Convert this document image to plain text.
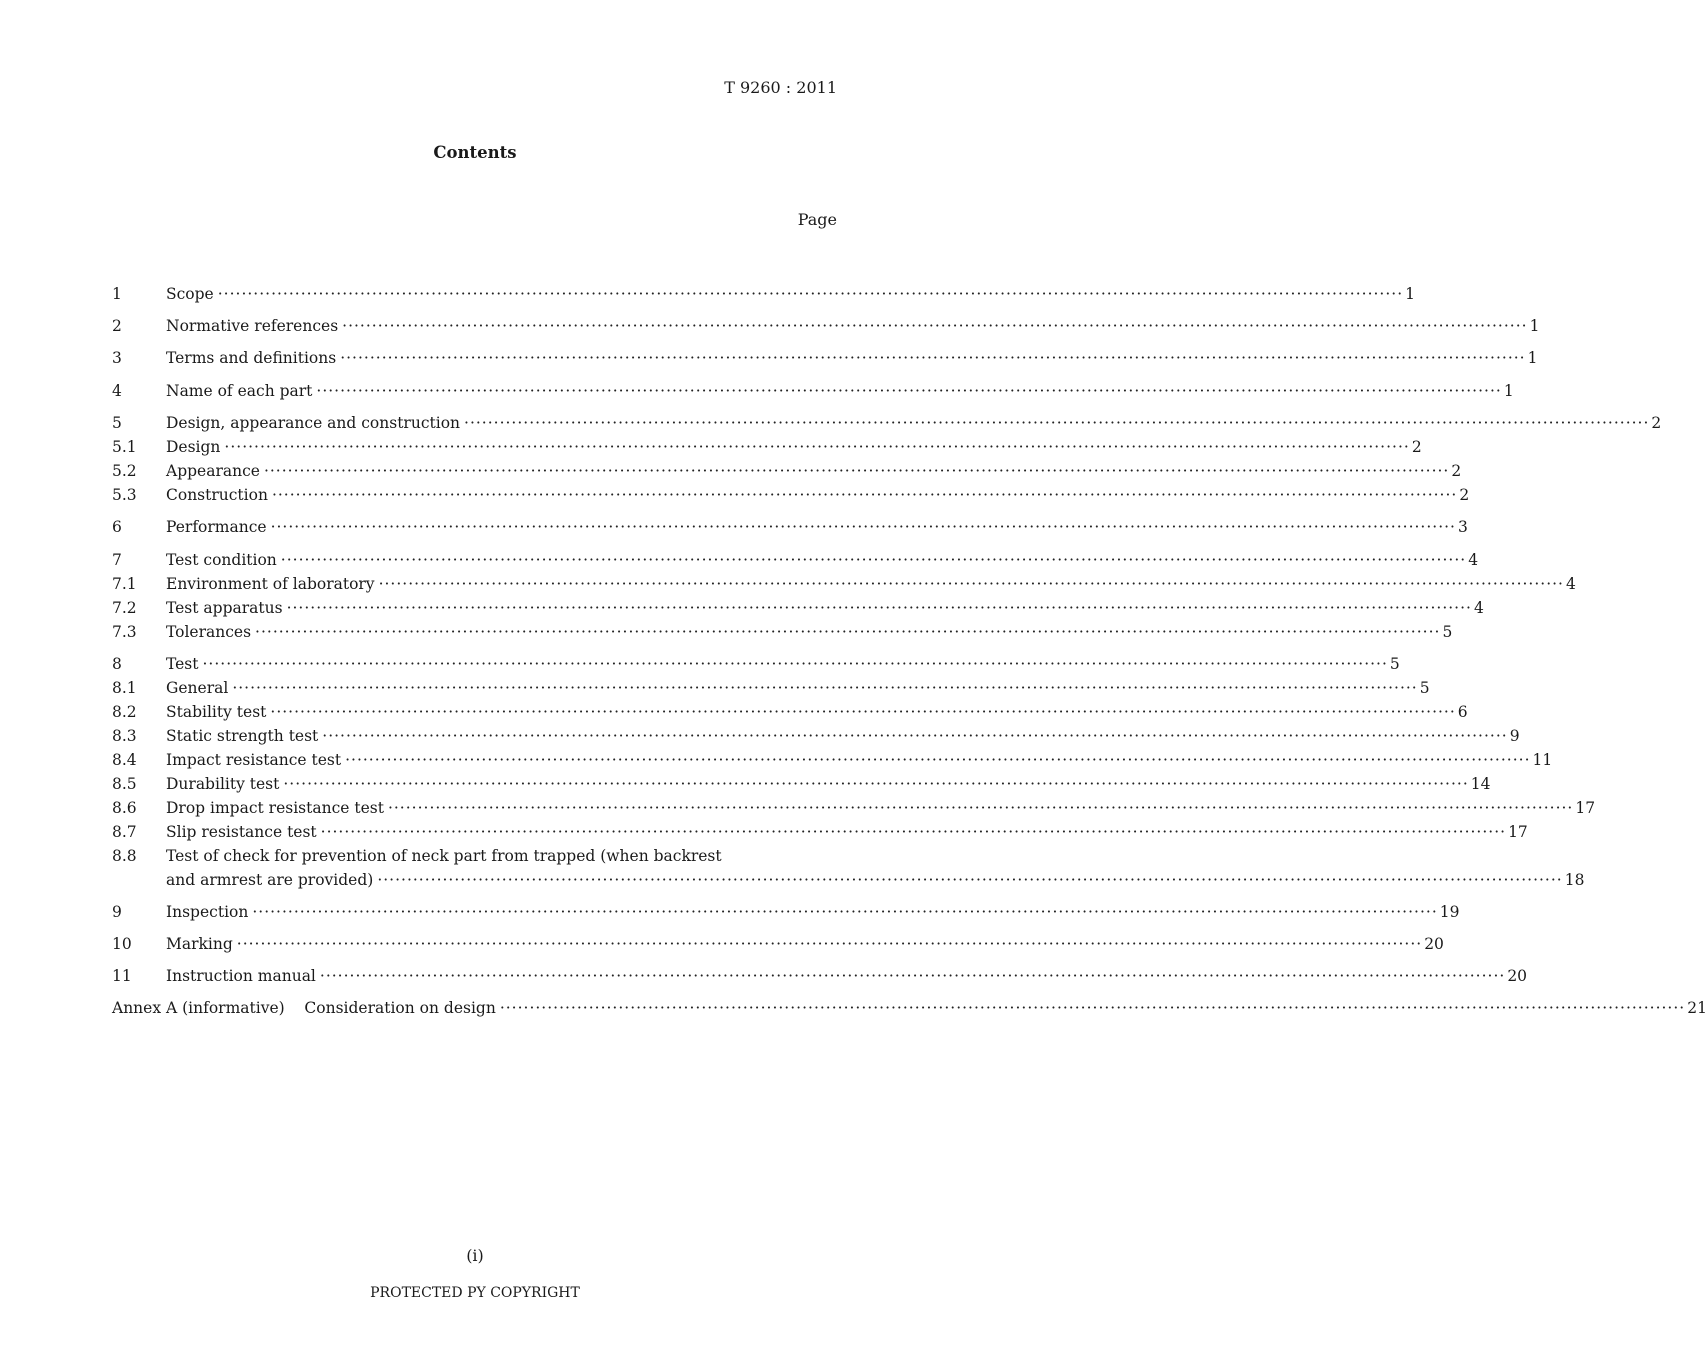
T 9260 : 2011
Contents
Page
1	Scope ········································································································································································································ 1
2	Normative references ········································································································································································································ 1
3	Terms and definitions ········································································································································································································ 1
4	Name of each part ········································································································································································································ 1
5	Design, appearance and construction ········································································································································································································ 2
5.1 Design ········································································································································································································ 2
5.2 Appearance ········································································································································································································ 2
5.3 Construction ········································································································································································································ 2
6	Performance ········································································································································································································ 3
7	Test condition ········································································································································································································ 4
7.1 Environment of laboratory ········································································································································································································ 4
7.2 Test apparatus ········································································································································································································ 4
7.3 Tolerances ········································································································································································································ 5
8	Test ········································································································································································································ 5
8.1 General ········································································································································································································ 5
8.2 Stability test ········································································································································································································ 6
8.3 Static strength test ········································································································································································································ 9
8.4 Impact resistance test ········································································································································································································ 11
8.5 Durability test ········································································································································································································ 14
8.6 Drop impact resistance test ········································································································································································································ 17
8.7 Slip resistance test ········································································································································································································ 17
8.8 Test of check for prevention of neck part from trapped (when backrest
and armrest are provided) ········································································································································································································ 18
9	Inspection ········································································································································································································ 19
10 Marking ········································································································································································································ 20
11 Instruction manual ········································································································································································································ 20
Annex A (informative)    Consideration on design ········································································································································································································ 21
(i)
PROTECTED PY COPYRIGHT
